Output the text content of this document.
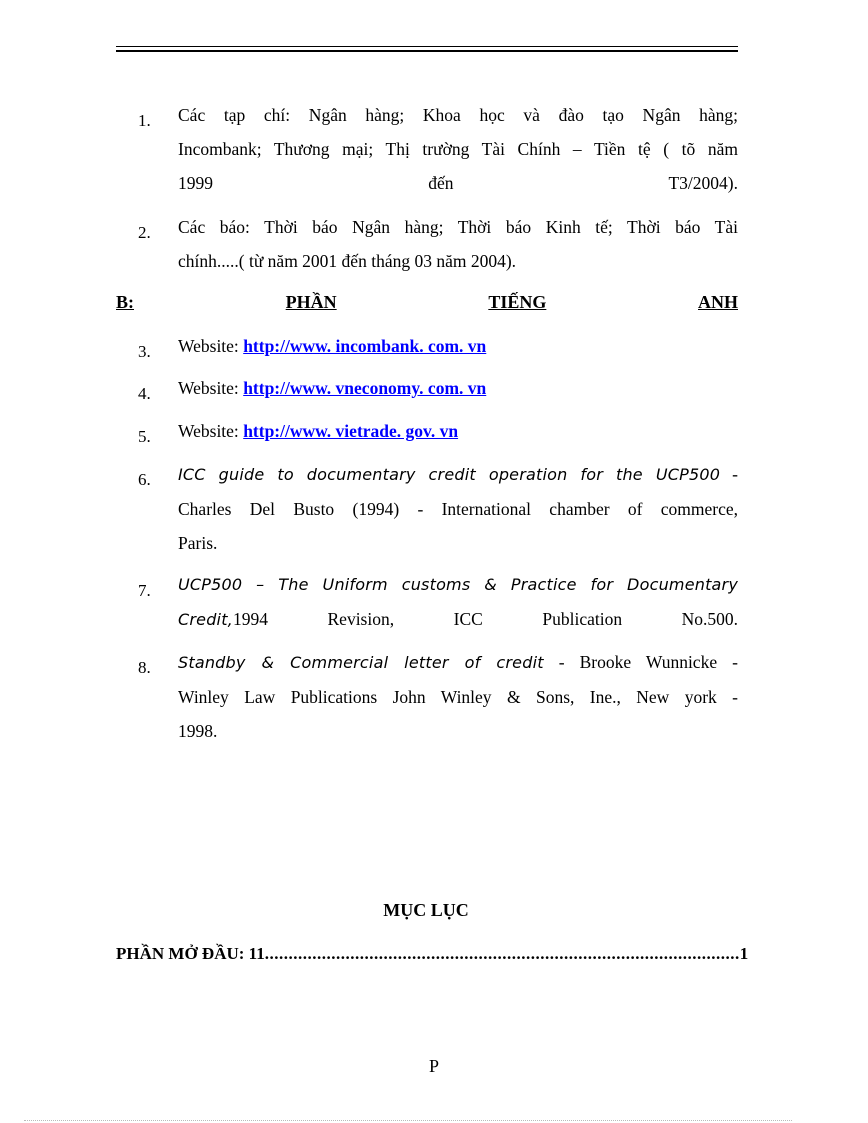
1.	Các tạp chí: Ngân hàng; Khoa học và đào tạo Ngân hàng;
Incombank; Thương mại; Thị trường Tài Chính – Tiền tệ ( tõ năm
1999 đến T3/2004).
2.	Các báo: Thời báo Ngân hàng; Thời báo Kinh tế; Thời báo Tài
chính.....( từ năm 2001 đến tháng 03 năm 2004).
B:	PHẦN	TIẾNG	ANH
3.	Website: http://www. incombank. com. vn
4.	Website: http://www. vneconomy. com. vn
5.	Website: http://www. vietrade. gov. vn
6.	ICC guide to documentary credit operation for the UCP500 -
Charles Del Busto (1994) - International chamber of commerce,
Paris.
7.	UCP500 – The Uniform customs & Practice for Documentary
Credit,1994 Revision, ICC Publication No.500.
8.	Standby & Commercial letter of credit - Brooke Wunnicke -
Winley Law Publications John Winley & Sons, Ine., New york -
1998.
MỤC LỤC
PHẦN MỞ ĐẦU: 11....................................................................................................1
P
